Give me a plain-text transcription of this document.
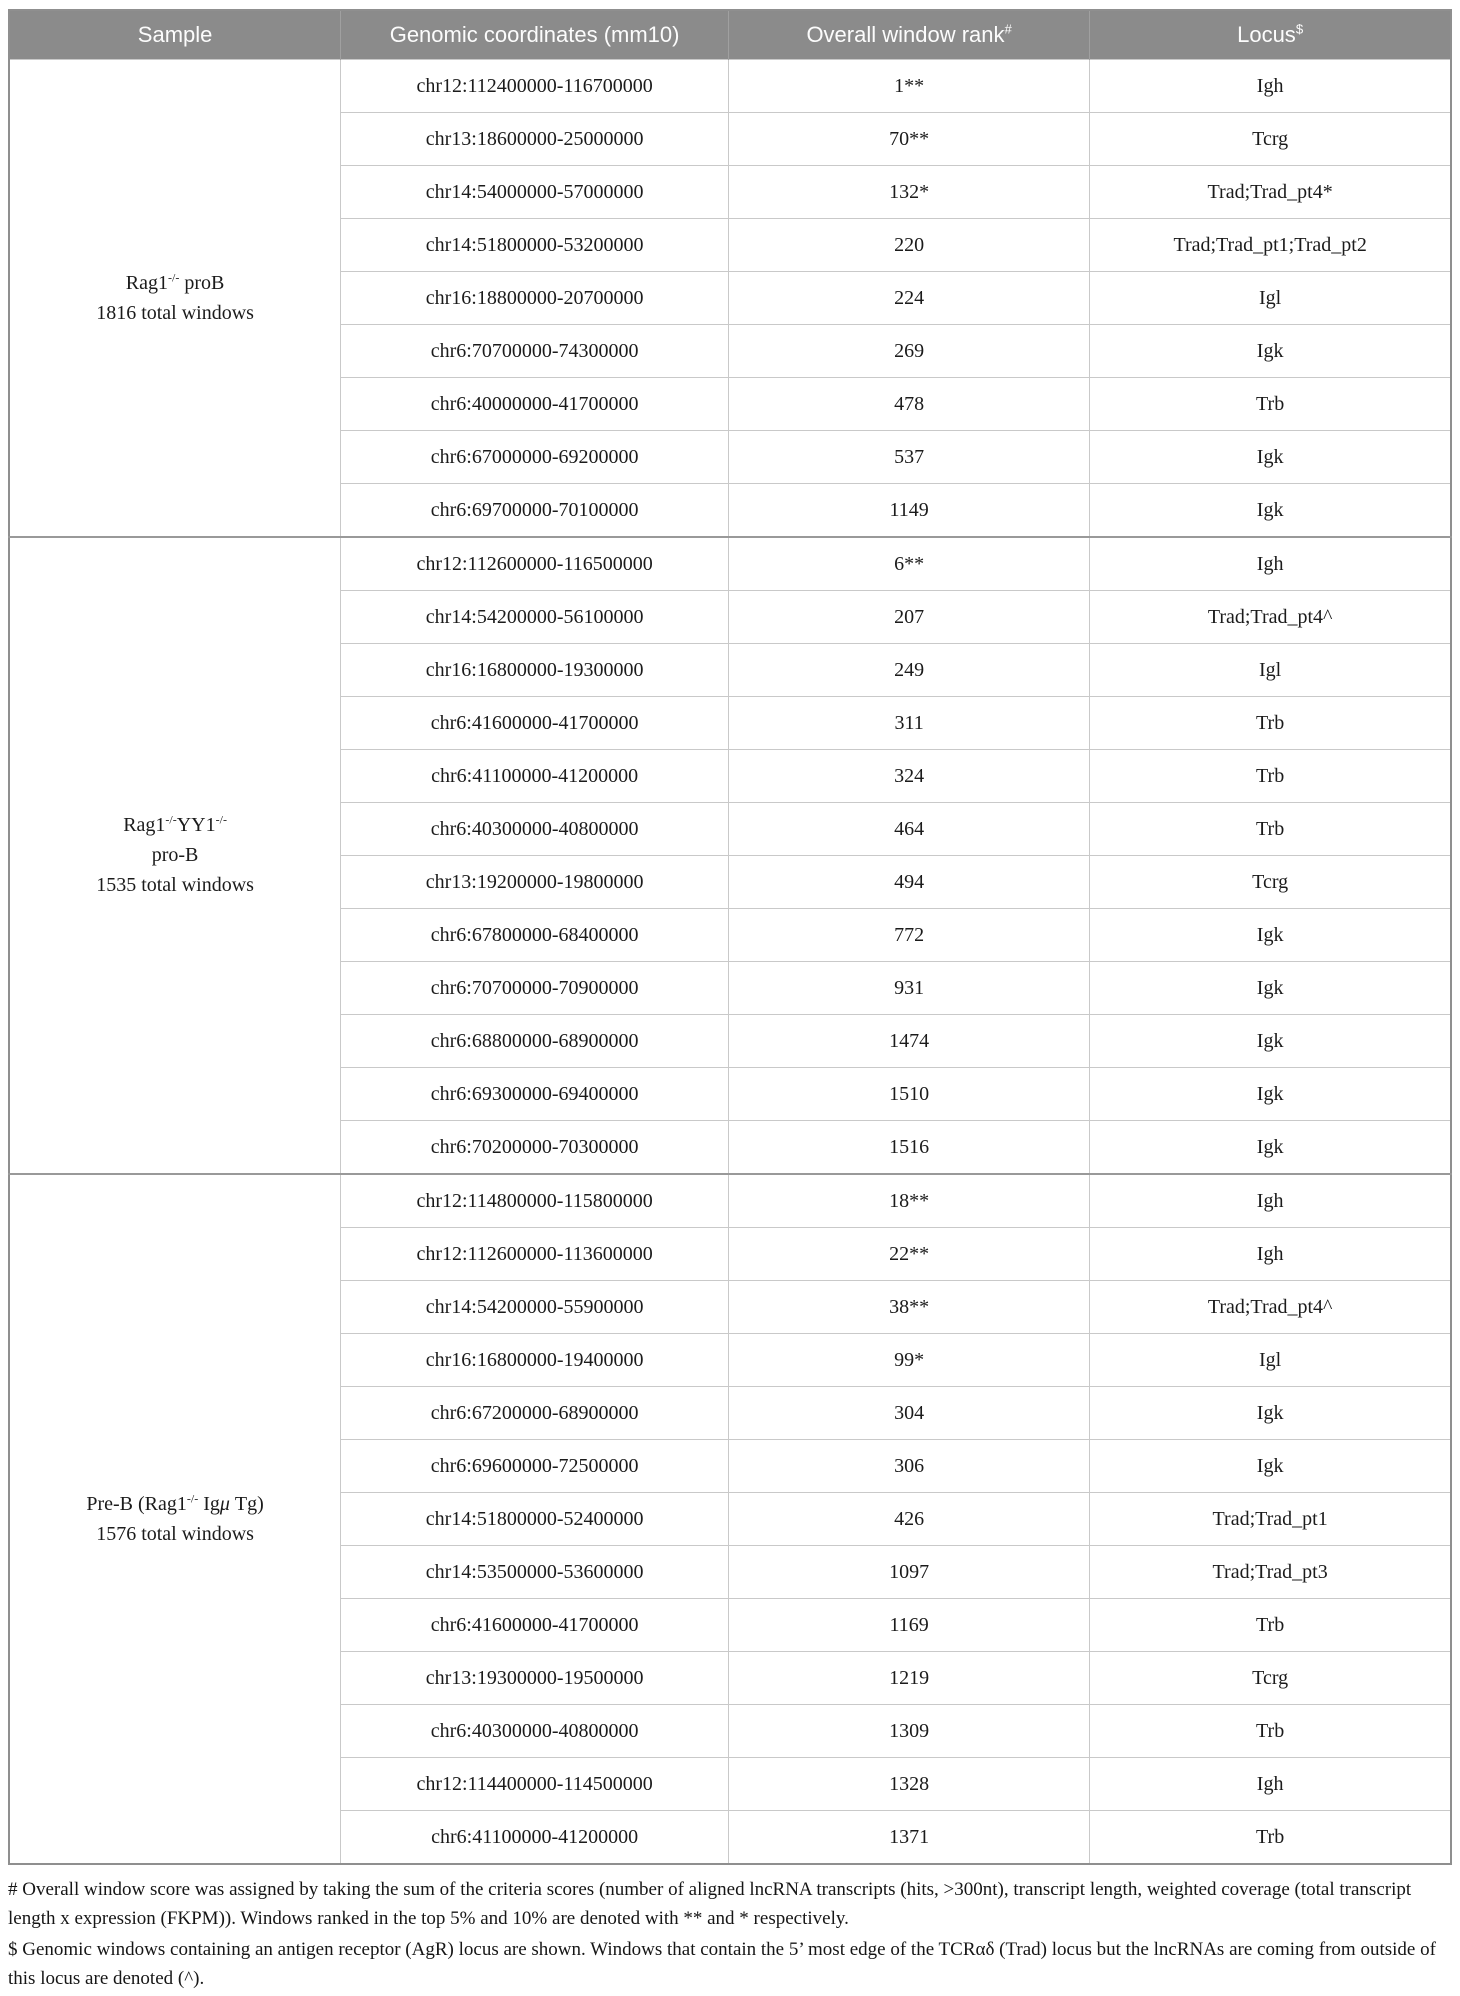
Sample	Genomic coordinates (mm10)	Overall window rank#	Locus$

Rag1-/- proB
1816 total windows	chr12:112400000-116700000	1**	Igh
	chr13:18600000-25000000	70**	Tcrg
	chr14:54000000-57000000	132*	Trad;Trad_pt4*
	chr14:51800000-53200000	220	Trad;Trad_pt1;Trad_pt2
	chr16:18800000-20700000	224	Igl
	chr6:70700000-74300000	269	Igk
	chr6:40000000-41700000	478	Trb
	chr6:67000000-69200000	537	Igk
	chr6:69700000-70100000	1149	Igk

Rag1-/-YY1-/-
pro-B
1535 total windows	chr12:112600000-116500000	6**	Igh
	chr14:54200000-56100000	207	Trad;Trad_pt4^
	chr16:16800000-19300000	249	Igl
	chr6:41600000-41700000	311	Trb
	chr6:41100000-41200000	324	Trb
	chr6:40300000-40800000	464	Trb
	chr13:19200000-19800000	494	Tcrg
	chr6:67800000-68400000	772	Igk
	chr6:70700000-70900000	931	Igk
	chr6:68800000-68900000	1474	Igk
	chr6:69300000-69400000	1510	Igk
	chr6:70200000-70300000	1516	Igk

Pre-B (Rag1-/- Igμ Tg)
1576 total windows	chr12:114800000-115800000	18**	Igh
	chr12:112600000-113600000	22**	Igh
	chr14:54200000-55900000	38**	Trad;Trad_pt4^
	chr16:16800000-19400000	99*	Igl
	chr6:67200000-68900000	304	Igk
	chr6:69600000-72500000	306	Igk
	chr14:51800000-52400000	426	Trad;Trad_pt1
	chr14:53500000-53600000	1097	Trad;Trad_pt3
	chr6:41600000-41700000	1169	Trb
	chr13:19300000-19500000	1219	Tcrg
	chr6:40300000-40800000	1309	Trb
	chr12:114400000-114500000	1328	Igh
	chr6:41100000-41200000	1371	Trb

# Overall window score was assigned by taking the sum of the criteria scores (number of aligned lncRNA transcripts (hits, >300nt), transcript length, weighted coverage (total transcript length x expression (FKPM)). Windows ranked in the top 5% and 10% are denoted with ** and * respectively.

$ Genomic windows containing an antigen receptor (AgR) locus are shown. Windows that contain the 5’ most edge of the TCRαδ (Trad) locus but the lncRNAs are coming from outside of this locus are denoted (^).
